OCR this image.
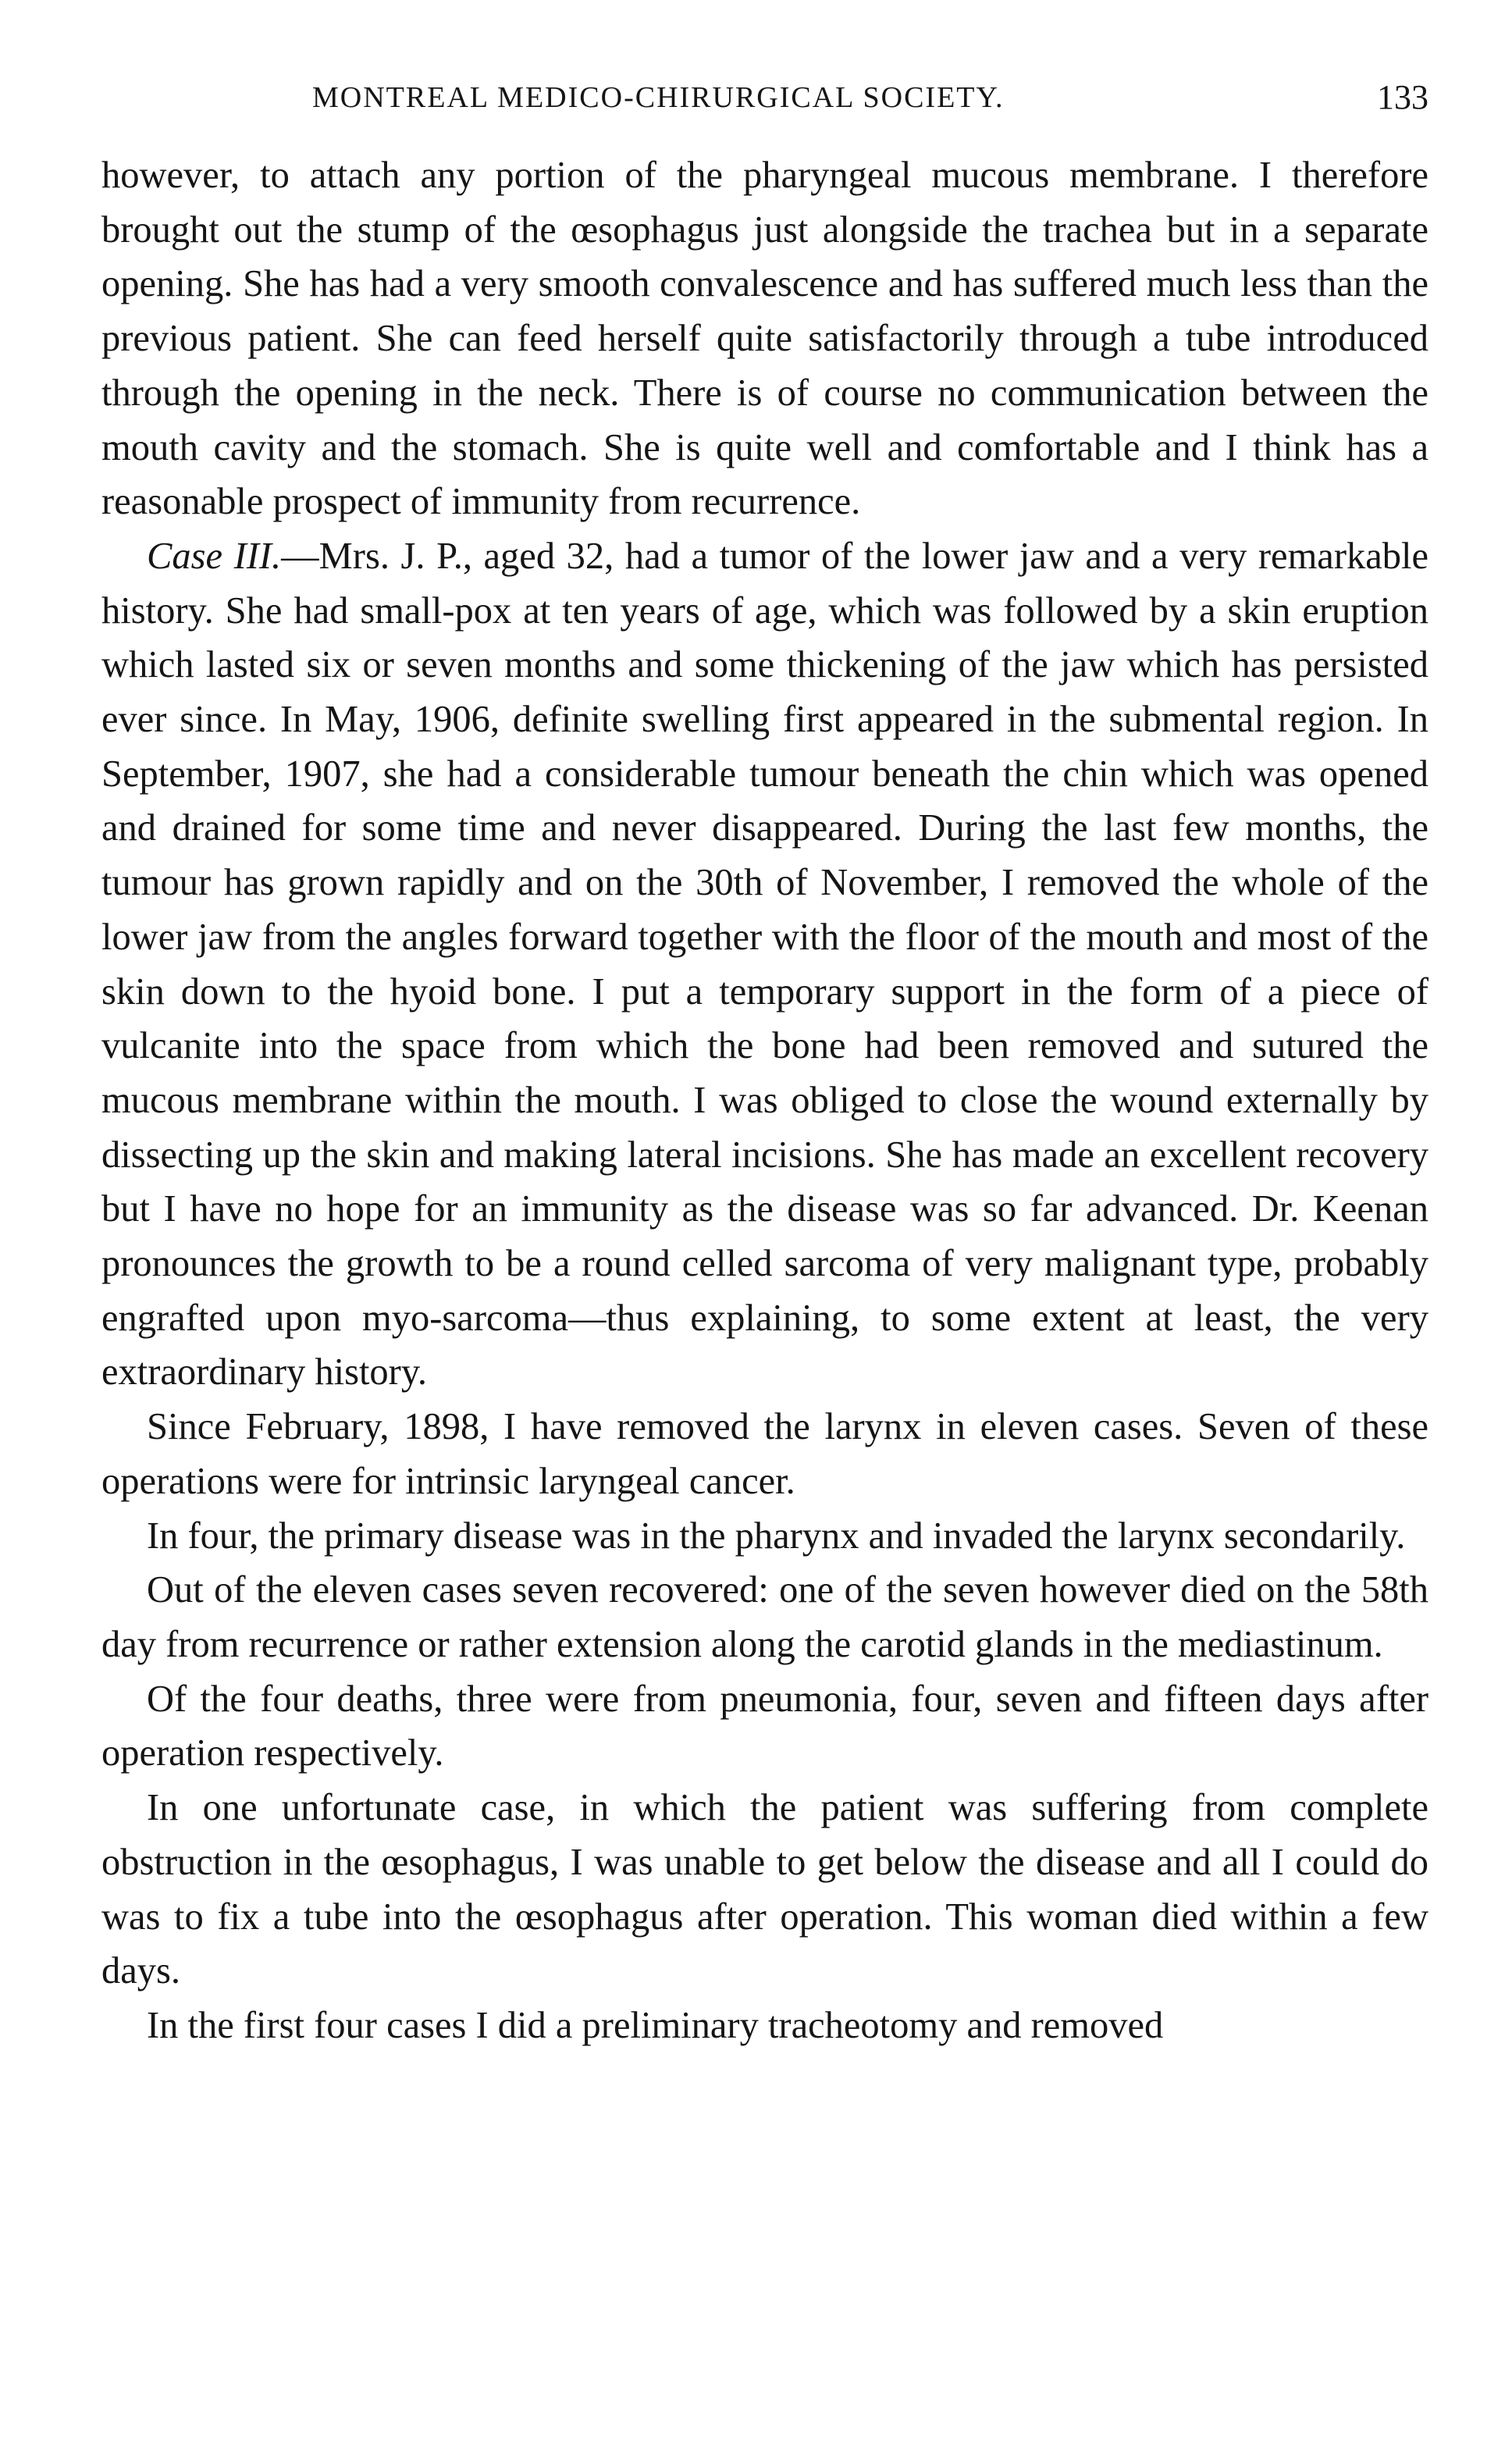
MONTREAL MEDICO-CHIRURGICAL SOCIETY.	133

however, to attach any portion of the pharyngeal mucous membrane. I therefore brought out the stump of the œsophagus just alongside the trachea but in a separate opening. She has had a very smooth convalescence and has suffered much less than the previous patient. She can feed herself quite satisfactorily through a tube introduced through the opening in the neck. There is of course no communication between the mouth cavity and the stomach. She is quite well and comfortable and I think has a reasonable prospect of immunity from recurrence.

Case III.—Mrs. J. P., aged 32, had a tumor of the lower jaw and a very remarkable history. She had small-pox at ten years of age, which was followed by a skin eruption which lasted six or seven months and some thickening of the jaw which has persisted ever since. In May, 1906, definite swelling first appeared in the submental region. In September, 1907, she had a considerable tumour beneath the chin which was opened and drained for some time and never disappeared. During the last few months, the tumour has grown rapidly and on the 30th of November, I removed the whole of the lower jaw from the angles forward together with the floor of the mouth and most of the skin down to the hyoid bone. I put a temporary support in the form of a piece of vulcanite into the space from which the bone had been removed and sutured the mucous membrane within the mouth. I was obliged to close the wound externally by dissecting up the skin and making lateral incisions. She has made an excellent recovery but I have no hope for an immunity as the disease was so far advanced. Dr. Keenan pronounces the growth to be a round celled sarcoma of very malignant type, probably engrafted upon myo-sarcoma—thus explaining, to some extent at least, the very extraordinary history.

Since February, 1898, I have removed the larynx in eleven cases. Seven of these operations were for intrinsic laryngeal cancer.

In four, the primary disease was in the pharynx and invaded the larynx secondarily.

Out of the eleven cases seven recovered: one of the seven however died on the 58th day from recurrence or rather extension along the carotid glands in the mediastinum.

Of the four deaths, three were from pneumonia, four, seven and fifteen days after operation respectively.

In one unfortunate case, in which the patient was suffering from complete obstruction in the œsophagus, I was unable to get below the disease and all I could do was to fix a tube into the œsophagus after operation. This woman died within a few days.

In the first four cases I did a preliminary tracheotomy and removed
